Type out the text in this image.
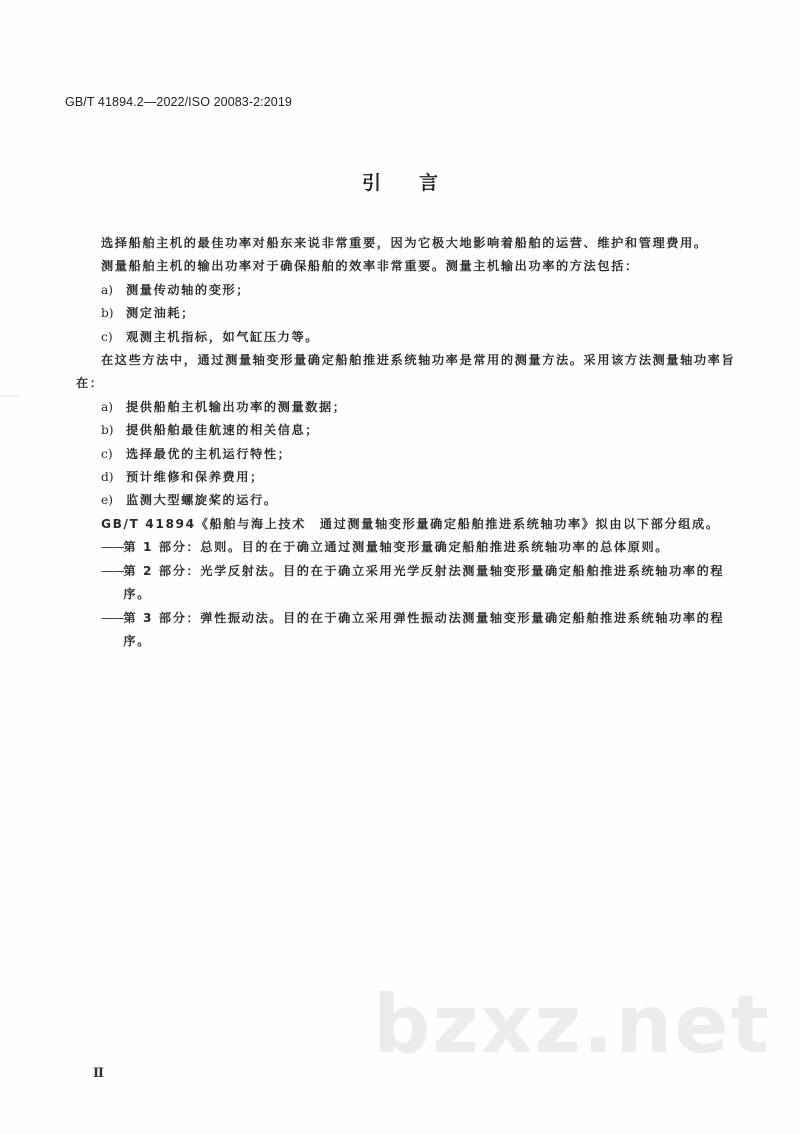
GB/T 41894.2—2022/ISO 20083-2:2019
引言

选择船舶主机的最佳功率对船东来说非常重要，因为它极大地影响着船舶的运营、维护和管理费用。

测量船舶主机的输出功率对于确保船舶的效率非常重要。测量主机输出功率的方法包括：

a)	测量传动轴的变形；
b)	测定油耗；
c)	观测主机指标，如气缸压力等。

在这些方法中，通过测量轴变形量确定船舶推进系统轴功率是常用的测量方法。采用该方法测量轴功率旨在：

a)	提供船舶主机输出功率的测量数据；
b)	提供船舶最佳航速的相关信息；
c)	选择最优的主机运行特性；
d)	预计维修和保养费用；
e)	监测大型螺旋桨的运行。

GB/T 41894《船舶与海上技术　通过测量轴变形量确定船舶推进系统轴功率》拟由以下部分组成。

—— 第 1 部分：总则。目的在于确立通过测量轴变形量确定船舶推进系统轴功率的总体原则。
—— 第 2 部分：光学反射法。目的在于确立采用光学反射法测量轴变形量确定船舶推进系统轴功率的程序。
—— 第 3 部分：弹性振动法。目的在于确立采用弹性振动法测量轴变形量确定船舶推进系统轴功率的程序。
bzxz.net
Ⅱ
